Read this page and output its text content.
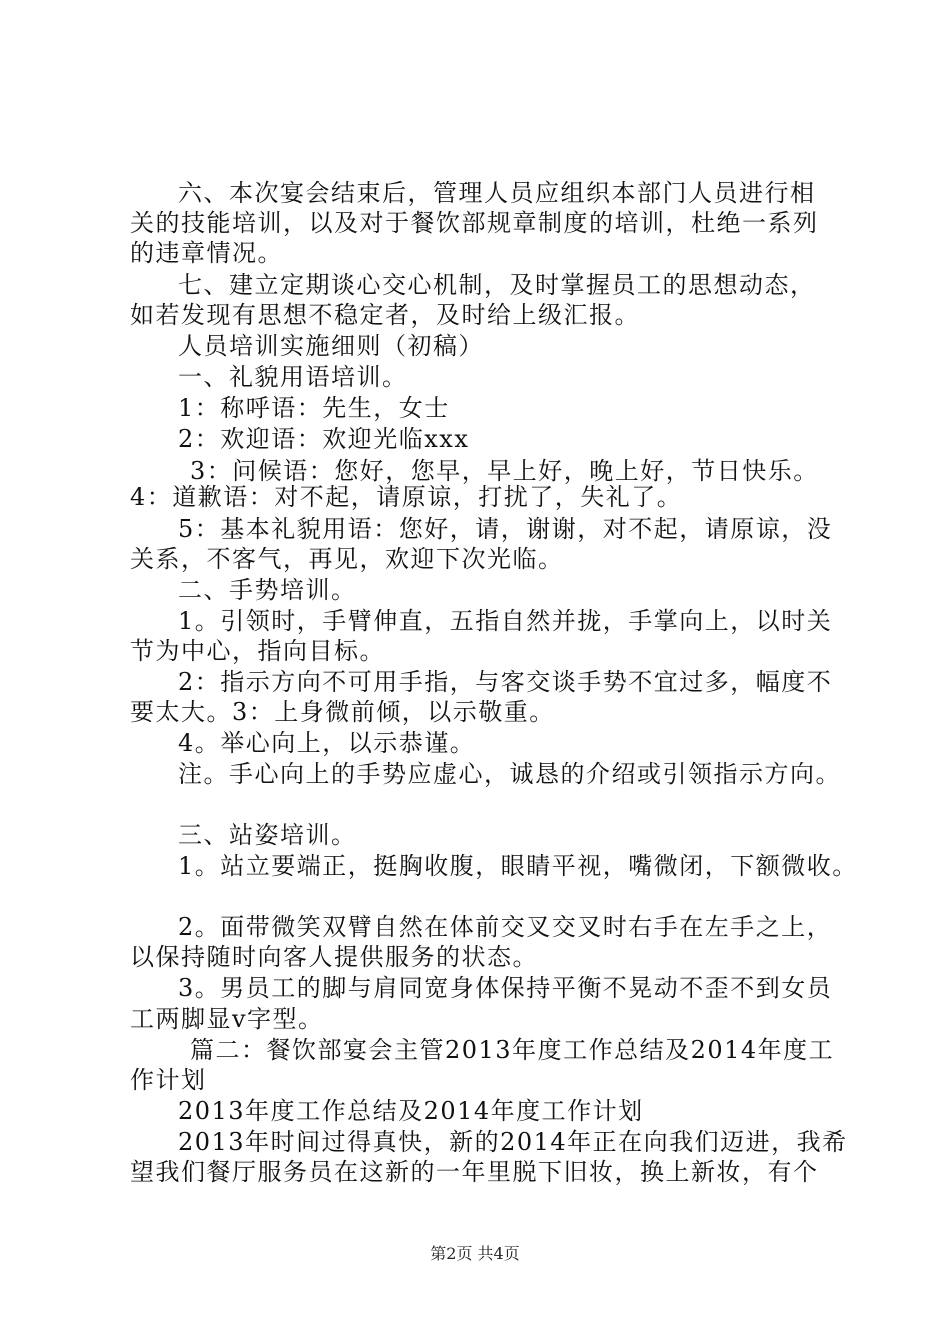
六、本次宴会结束后，管理人员应组织本部门人员进行相
关的技能培训，以及对于餐饮部规章制度的培训，杜绝一系列
的违章情况。
七、建立定期谈心交心机制，及时掌握员工的思想动态，
如若发现有思想不稳定者，及时给上级汇报。
人员培训实施细则（初稿）
一、礼貌用语培训。
1：称呼语：先生，女士
2：欢迎语：欢迎光临xxx
3：问候语：您好，您早，早上好，晚上好，节日快乐。
4：道歉语：对不起，请原谅，打扰了，失礼了。
5：基本礼貌用语：您好，请，谢谢，对不起，请原谅，没
关系，不客气，再见，欢迎下次光临。
二、手势培训。
1。引领时，手臂伸直，五指自然并拢，手掌向上，以时关
节为中心，指向目标。
2：指示方向不可用手指，与客交谈手势不宜过多，幅度不
要太大。3：上身微前倾，以示敬重。
4。举心向上，以示恭谨。
注。手心向上的手势应虚心，诚恳的介绍或引领指示方向。
三、站姿培训。
1。站立要端正，挺胸收腹，眼睛平视，嘴微闭，下额微收。
2。面带微笑双臂自然在体前交叉交叉时右手在左手之上，
以保持随时向客人提供服务的状态。
3。男员工的脚与肩同宽身体保持平衡不晃动不歪不到女员
工两脚显v字型。
篇二：餐饮部宴会主管2013年度工作总结及2014年度工
作计划
2013年度工作总结及2014年度工作计划
2013年时间过得真快，新的2014年正在向我们迈进，我希
望我们餐厅服务员在这新的一年里脱下旧妆，换上新妆，有个
第2页 共4页
